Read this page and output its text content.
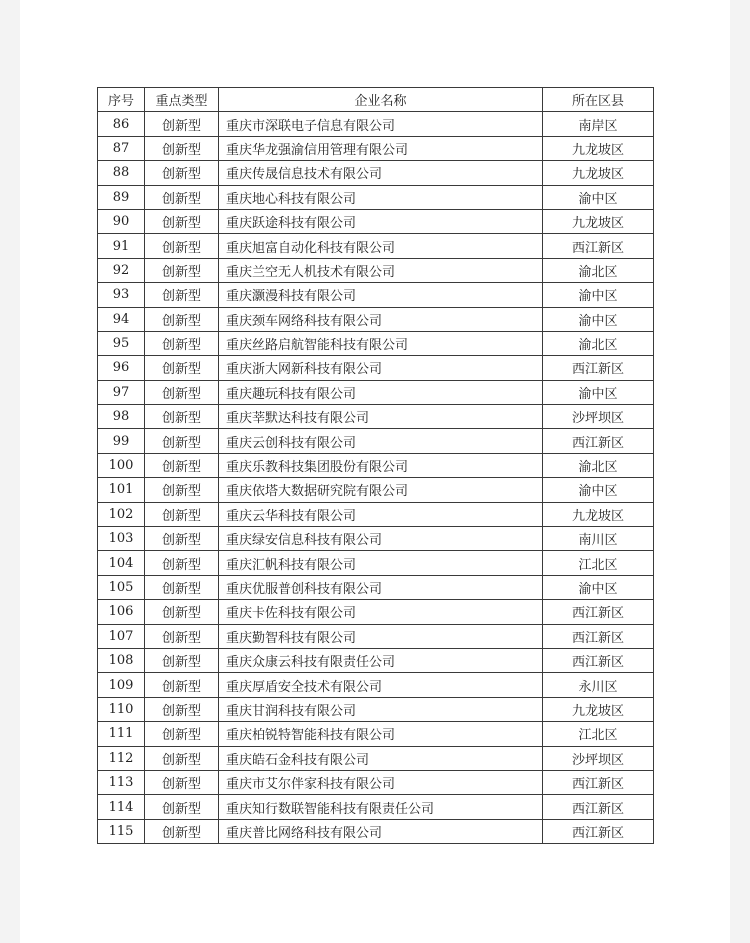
序号	重点类型	企业名称	所在区县
86	创新型	重庆市深联电子信息有限公司	南岸区
87	创新型	重庆华龙强渝信用管理有限公司	九龙坡区
88	创新型	重庆传晟信息技术有限公司	九龙坡区
89	创新型	重庆地心科技有限公司	渝中区
90	创新型	重庆跃途科技有限公司	九龙坡区
91	创新型	重庆旭富自动化科技有限公司	西江新区
92	创新型	重庆兰空无人机技术有限公司	渝北区
93	创新型	重庆灏漫科技有限公司	渝中区
94	创新型	重庆颈车网络科技有限公司	渝中区
95	创新型	重庆丝路启航智能科技有限公司	渝北区
96	创新型	重庆浙大网新科技有限公司	西江新区
97	创新型	重庆趣玩科技有限公司	渝中区
98	创新型	重庆莘默达科技有限公司	沙坪坝区
99	创新型	重庆云创科技有限公司	西江新区
100	创新型	重庆乐教科技集团股份有限公司	渝北区
101	创新型	重庆依塔大数据研究院有限公司	渝中区
102	创新型	重庆云华科技有限公司	九龙坡区
103	创新型	重庆绿安信息科技有限公司	南川区
104	创新型	重庆汇帆科技有限公司	江北区
105	创新型	重庆优服普创科技有限公司	渝中区
106	创新型	重庆卡佐科技有限公司	西江新区
107	创新型	重庆勤智科技有限公司	西江新区
108	创新型	重庆众康云科技有限责任公司	西江新区
109	创新型	重庆厚盾安全技术有限公司	永川区
110	创新型	重庆甘润科技有限公司	九龙坡区
111	创新型	重庆柏锐特智能科技有限公司	江北区
112	创新型	重庆皓石金科技有限公司	沙坪坝区
113	创新型	重庆市艾尔伴家科技有限公司	西江新区
114	创新型	重庆知行数联智能科技有限责任公司	西江新区
115	创新型	重庆普比网络科技有限公司	西江新区
